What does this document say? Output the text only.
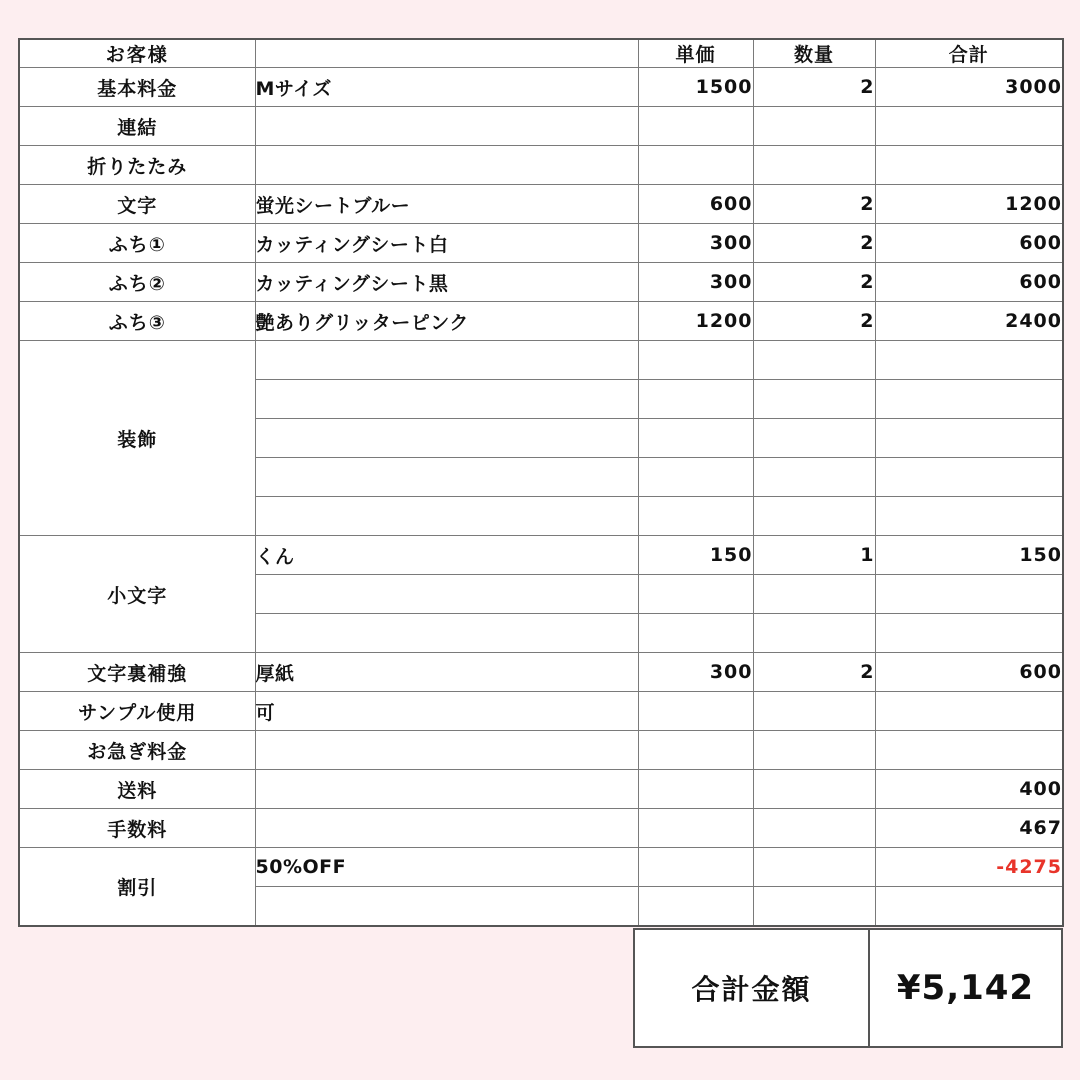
お客様		単価	数量	合計
基本料金	Mサイズ	1500	2	3000
連結				
折りたたみ				
文字	蛍光シートブルー	600	2	1200
ふち①	カッティングシート白	300	2	600
ふち②	カッティングシート黒	300	2	600
ふち③	艶ありグリッターピンク	1200	2	2400
装飾				

小文字	くん	150	1	150

文字裏補強	厚紙	300	2	600
サンプル使用	可			
お急ぎ料金				
送料				400
手数料				467
割引	50%OFF			-4275

合計金額	¥5,142
